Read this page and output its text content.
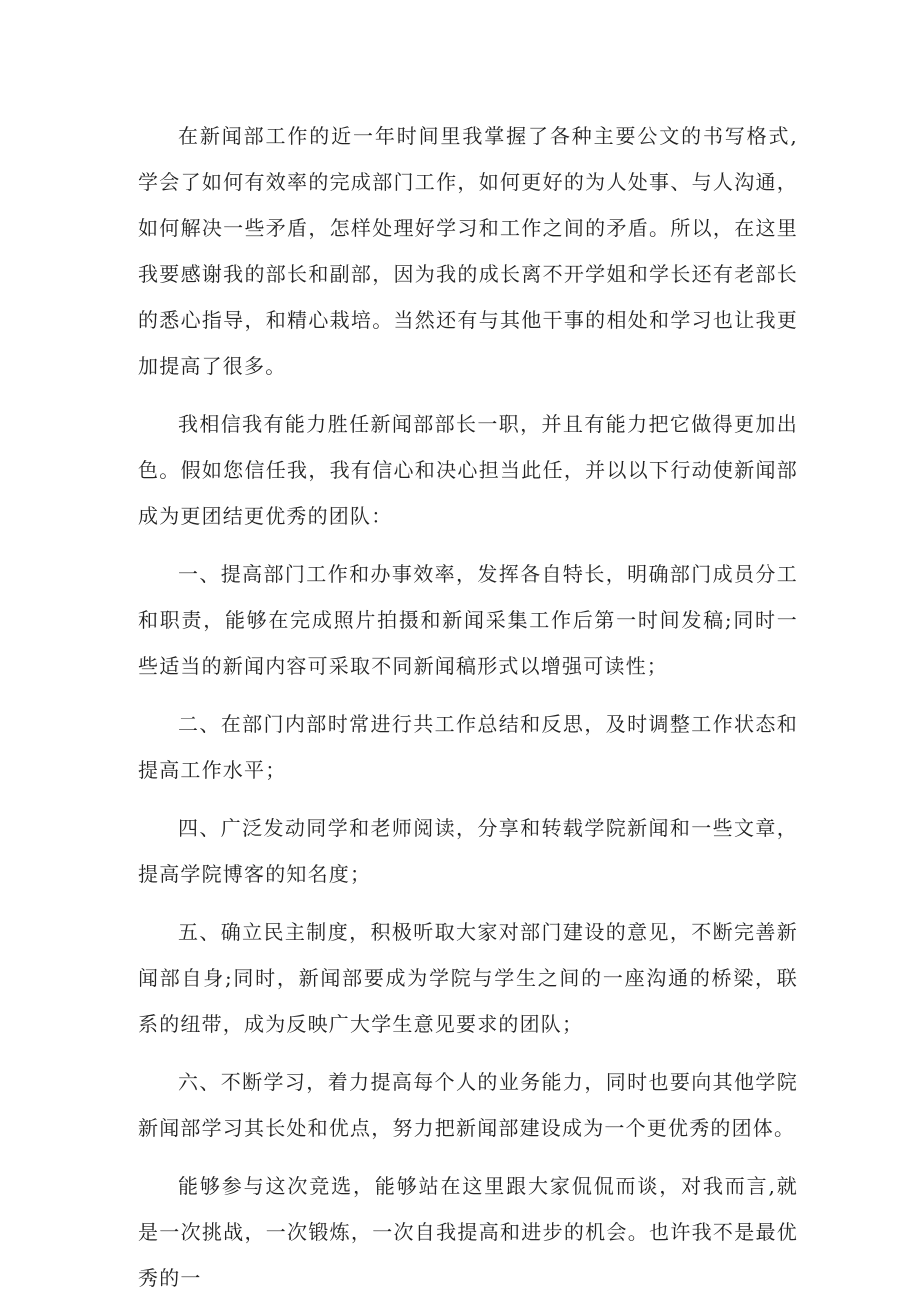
在新闻部工作的近一年时间里我掌握了各种主要公文的书写格式,学会了如何有效率的完成部门工作，如何更好的为人处事、与人沟通，如何解决一些矛盾，怎样处理好学习和工作之间的矛盾。所以，在这里我要感谢我的部长和副部，因为我的成长离不开学姐和学长还有老部长的悉心指导，和精心栽培。当然还有与其他干事的相处和学习也让我更加提高了很多。

我相信我有能力胜任新闻部部长一职，并且有能力把它做得更加出色。假如您信任我，我有信心和决心担当此任，并以以下行动使新闻部成为更团结更优秀的团队：

一、提高部门工作和办事效率，发挥各自特长，明确部门成员分工和职责，能够在完成照片拍摄和新闻采集工作后第一时间发稿;同时一些适当的新闻内容可采取不同新闻稿形式以增强可读性；

二、在部门内部时常进行共工作总结和反思，及时调整工作状态和提高工作水平；

四、广泛发动同学和老师阅读，分享和转载学院新闻和一些文章，提高学院博客的知名度；

五、确立民主制度，积极听取大家对部门建设的意见，不断完善新闻部自身;同时，新闻部要成为学院与学生之间的一座沟通的桥梁，联系的纽带，成为反映广大学生意见要求的团队；

六、不断学习，着力提高每个人的业务能力，同时也要向其他学院新闻部学习其长处和优点，努力把新闻部建设成为一个更优秀的团体。

能够参与这次竞选，能够站在这里跟大家侃侃而谈，对我而言,就是一次挑战，一次锻炼，一次自我提高和进步的机会。也许我不是最优秀的一
